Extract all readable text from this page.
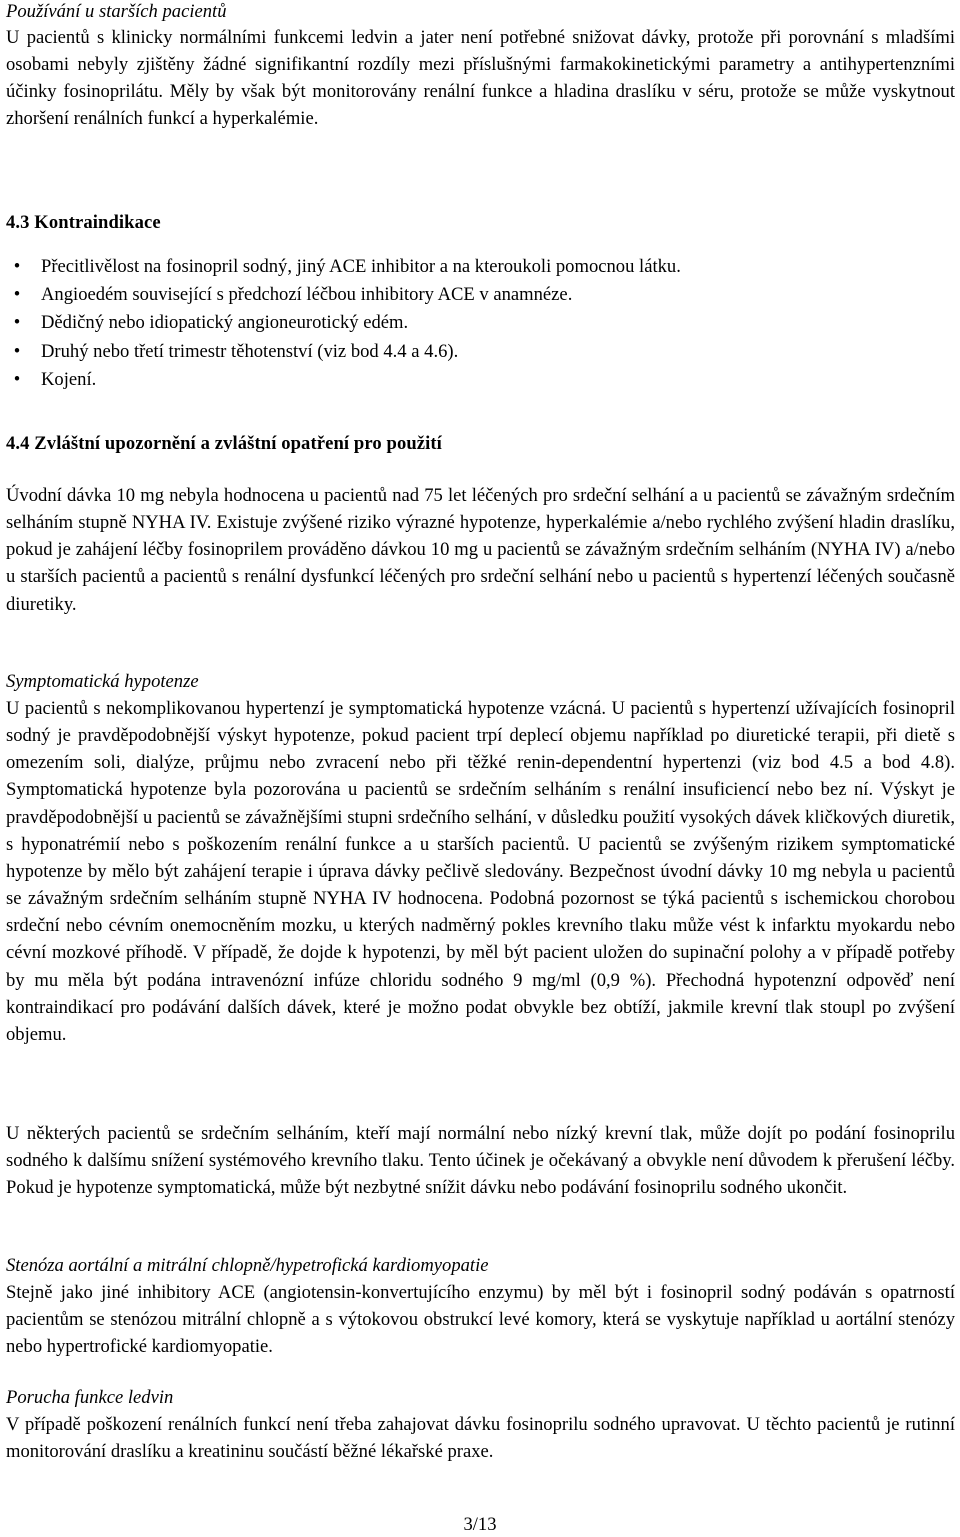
Používání u starších pacientů

U pacientů s klinicky normálními funkcemi ledvin a jater není potřebné snižovat dávky, protože při porovnání s mladšími osobami nebyly zjištěny žádné signifikantní rozdíly mezi příslušnými farmakokinetickými parametry a antihypertenzními účinky fosinoprilátu. Měly by však být monitorovány renální funkce a hladina draslíku v séru, protože se může vyskytnout zhoršení renálních funkcí a hyperkalémie.

4.3 Kontraindikace

• Přecitlivělost na fosinopril sodný, jiný ACE inhibitor a na kteroukoli pomocnou látku.
• Angioedém související s předchozí léčbou inhibitory ACE v anamnéze.
• Dědičný nebo idiopatický angioneurotický edém.
• Druhý nebo třetí trimestr těhotenství (viz bod 4.4 a 4.6).
• Kojení.

4.4 Zvláštní upozornění a zvláštní opatření pro použití

Úvodní dávka 10 mg nebyla hodnocena u pacientů nad 75 let léčených pro srdeční selhání a u pacientů se závažným srdečním selháním stupně NYHA IV. Existuje zvýšené riziko výrazné hypotenze, hyperkalémie a/nebo rychlého zvýšení hladin draslíku, pokud je zahájení léčby fosinoprilem prováděno dávkou 10 mg u pacientů se závažným srdečním selháním (NYHA IV) a/nebo u starších pacientů a pacientů s renální dysfunkcí léčených pro srdeční selhání nebo u pacientů s hypertenzí léčených současně diuretiky.

Symptomatická hypotenze

U pacientů s nekomplikovanou hypertenzí je symptomatická hypotenze vzácná. U pacientů s hypertenzí užívajících fosinopril sodný je pravděpodobnější výskyt hypotenze, pokud pacient trpí deplecí objemu například po diuretické terapii, při dietě s omezením soli, dialýze, průjmu nebo zvracení nebo při těžké renin-dependentní hypertenzi (viz bod 4.5 a bod 4.8). Symptomatická hypotenze byla pozorována u pacientů se srdečním selháním s renální insuficiencí nebo bez ní. Výskyt je pravděpodobnější u pacientů se závažnějšími stupni srdečního selhání, v důsledku použití vysokých dávek kličkových diuretik, s hyponatrémií nebo s poškozením renální funkce a u starších pacientů. U pacientů se zvýšeným rizikem symptomatické hypotenze by mělo být zahájení terapie i úprava dávky pečlivě sledovány. Bezpečnost úvodní dávky 10 mg nebyla u pacientů se závažným srdečním selháním stupně NYHA IV hodnocena. Podobná pozornost se týká pacientů s ischemickou chorobou srdeční nebo cévním onemocněním mozku, u kterých nadměrný pokles krevního tlaku může vést k infarktu myokardu nebo cévní mozkové příhodě. V případě, že dojde k hypotenzi, by měl být pacient uložen do supinační polohy a v případě potřeby by mu měla být podána intravenózní infúze chloridu sodného 9 mg/ml (0,9 %). Přechodná hypotenzní odpověď není kontraindikací pro podávání dalších dávek, které je možno podat obvykle bez obtíží, jakmile krevní tlak stoupl po zvýšení objemu.

U některých pacientů se srdečním selháním, kteří mají normální nebo nízký krevní tlak, může dojít po podání fosinoprilu sodného k dalšímu snížení systémového krevního tlaku. Tento účinek je očekávaný a obvykle není důvodem k přerušení léčby. Pokud je hypotenze symptomatická, může být nezbytné snížit dávku nebo podávání fosinoprilu sodného ukončit.

Stenóza aortální a mitrální chlopně/hypetrofická kardiomyopatie

Stejně jako jiné inhibitory ACE (angiotensin-konvertujícího enzymu) by měl být i fosinopril sodný podáván s opatrností pacientům se stenózou mitrální chlopně a s výtokovou obstrukcí levé komory, která se vyskytuje například u aortální stenózy nebo hypertrofické kardiomyopatie.

Porucha funkce ledvin

V případě poškození renálních funkcí není třeba zahajovat dávku fosinoprilu sodného upravovat. U těchto pacientů je rutinní monitorování draslíku a kreatininu součástí běžné lékařské praxe.

3/13
